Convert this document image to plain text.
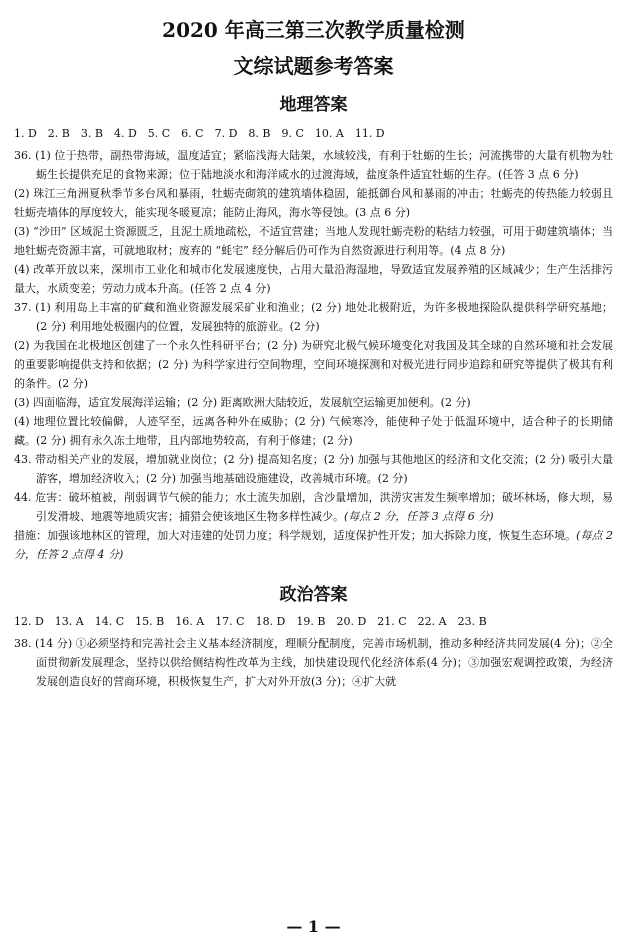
2020 年高三第三次教学质量检测
文综试题参考答案
地理答案
1. D　2. B　3. B　4. D　5. C　6. C　7. D　8. B　9. C　10. A　11. D

36. (1) 位于热带，副热带海域，温度适宜；紧临浅海大陆架，水域较浅，有利于牡蛎的生长；河流携带的大量有机物为牡蛎生长提供充足的食物来源；位于陆地淡水和海洋咸水的过渡海域，盐度条件适宜牡蛎的生存。(任答 3 点 6 分)

(2) 珠江三角洲夏秋季节多台风和暴雨，牡蛎壳砌筑的建筑墙体稳固，能抵御台风和暴雨的冲击；牡蛎壳的传热能力较弱且牡蛎壳墙体的厚度较大，能实现冬暖夏凉；能防止海风，海水等侵蚀。(3 点 6 分)

(3) “沙田” 区域泥土资源匮乏，且泥土质地疏松，不适宜营建；当地人发现牡蛎壳粉的粘结力较强，可用于砌建筑墙体；当地牡蛎壳资源丰富，可就地取材；废弃的 “蚝宅” 经分解后仍可作为自然资源进行利用等。(4 点 8 分)

(4) 改革开放以来，深圳市工业化和城市化发展速度快，占用大量沿海湿地，导致适宜发展养殖的区域减少；生产生活排污量大，水质变差；劳动力成本升高。(任答 2 点 4 分)

37. (1) 利用岛上丰富的矿藏和渔业资源发展采矿业和渔业；(2 分) 地处北极附近，为许多极地探险队提供科学研究基地；(2 分) 利用地处极圈内的位置，发展独特的旅游业。(2 分)

(2) 为我国在北极地区创建了一个永久性科研平台；(2 分) 为研究北极气候环境变化对我国及其全球的自然环境和社会发展的重要影响提供支持和依据；(2 分) 为科学家进行空间物理，空间环境探测和对极光进行同步追踪和研究等提供了极其有利的条件。(2 分)

(3) 四面临海，适宜发展海洋运输；(2 分) 距离欧洲大陆较近，发展航空运输更加便利。(2 分)

(4) 地理位置比较偏僻，人迹罕至，远离各种外在威胁；(2 分) 气候寒冷，能使种子处于低温环境中，适合种子的长期储藏。(2 分) 拥有永久冻土地带，且内部地势较高，有利于修建；(2 分)

43. 带动相关产业的发展，增加就业岗位；(2 分) 提高知名度；(2 分) 加强与其他地区的经济和文化交流；(2 分) 吸引大量游客，增加经济收入；(2 分) 加强当地基础设施建设，改善城市环境。(2 分)

44. 危害：破坏植被，削弱调节气候的能力；水土流失加剧，含沙量增加，洪涝灾害发生频率增加；破坏林场，修大坝，易引发滑坡、地震等地质灾害；捕猎会使该地区生物多样性减少。(每点 2 分，任答 3 点得 6 分)

措施：加强该地林区的管理，加大对违建的处罚力度；科学规划，适度保护性开发；加大拆除力度，恢复生态环境。(每点 2 分，任答 2 点得 4 分)

政治答案
12. D　13. A　14. C　15. B　16. A　17. C　18. D　19. B　20. D　21. C　22. A　23. B

38. (14 分) ①必须坚持和完善社会主义基本经济制度，理顺分配制度，完善市场机制，推动多种经济共同发展(4 分)；②全面贯彻新发展理念，坚持以供给侧结构性改革为主线，加快建设现代化经济体系(4 分)；③加强宏观调控政策，为经济发展创造良好的营商环境，积极恢复生产，扩大对外开放(3 分)；④扩大就

— 1 —
